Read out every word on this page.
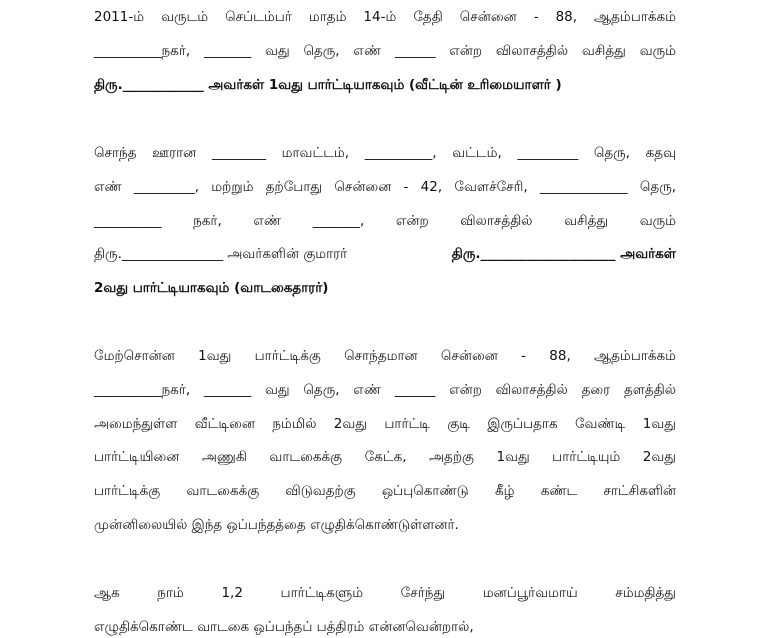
2011-ம் வருடம் செப்டம்பர் மாதம் 14-ம் தேதி சென்னை - 88, ஆதம்பாக்கம்
__________நகர், _______ வது தெரு, எண் ______ என்ற விலாசத்தில் வசித்து வரும்
திரு.____________ அவர்கள் 1வது பார்ட்டியாகவும் (வீட்டின் உரிமையாளர் )
சொந்த ஊரான ________ மாவட்டம், __________, வட்டம், _________ தெரு, கதவு
எண் _________, மற்றும் தற்போது சென்னை - 42, வேளச்சேரி, _____________ தெரு,
__________ நகர், எண் _______, என்ற விலாசத்தில் வசித்து வரும்
திரு._______________ அவர்களின் குமாரர்	திரு.____________________ அவர்கள்
2வது பார்ட்டியாகவும் (வாடகைதாரர்)
மேற்சொன்ன 1வது பார்ட்டிக்கு சொந்தமான சென்னை - 88, ஆதம்பாக்கம்
__________நகர், _______ வது தெரு, எண் ______ என்ற விலாசத்தில் தரை தளத்தில்
அமைந்துள்ள வீட்டினை நம்மில் 2வது பார்ட்டி குடி இருப்பதாக வேண்டி 1வது
பார்ட்டியினை அணுகி வாடகைக்கு கேட்க, அதற்கு 1வது பார்ட்டியும் 2வது
பார்ட்டிக்கு வாடகைக்கு விடுவதற்கு ஒப்புகொண்டு கீழ் கண்ட சாட்சிகளின்
முன்னிலையில் இந்த ஒப்பந்தத்தை எழுதிக்கொண்டுள்ளனர்.
ஆக நாம் 1,2 பார்ட்டிகளும் சேர்ந்து மனப்பூர்வமாய் சம்மதித்து
எழுதிக்கொண்ட வாடகை ஒப்பந்தப் பத்திரம் என்னவென்றால்,
